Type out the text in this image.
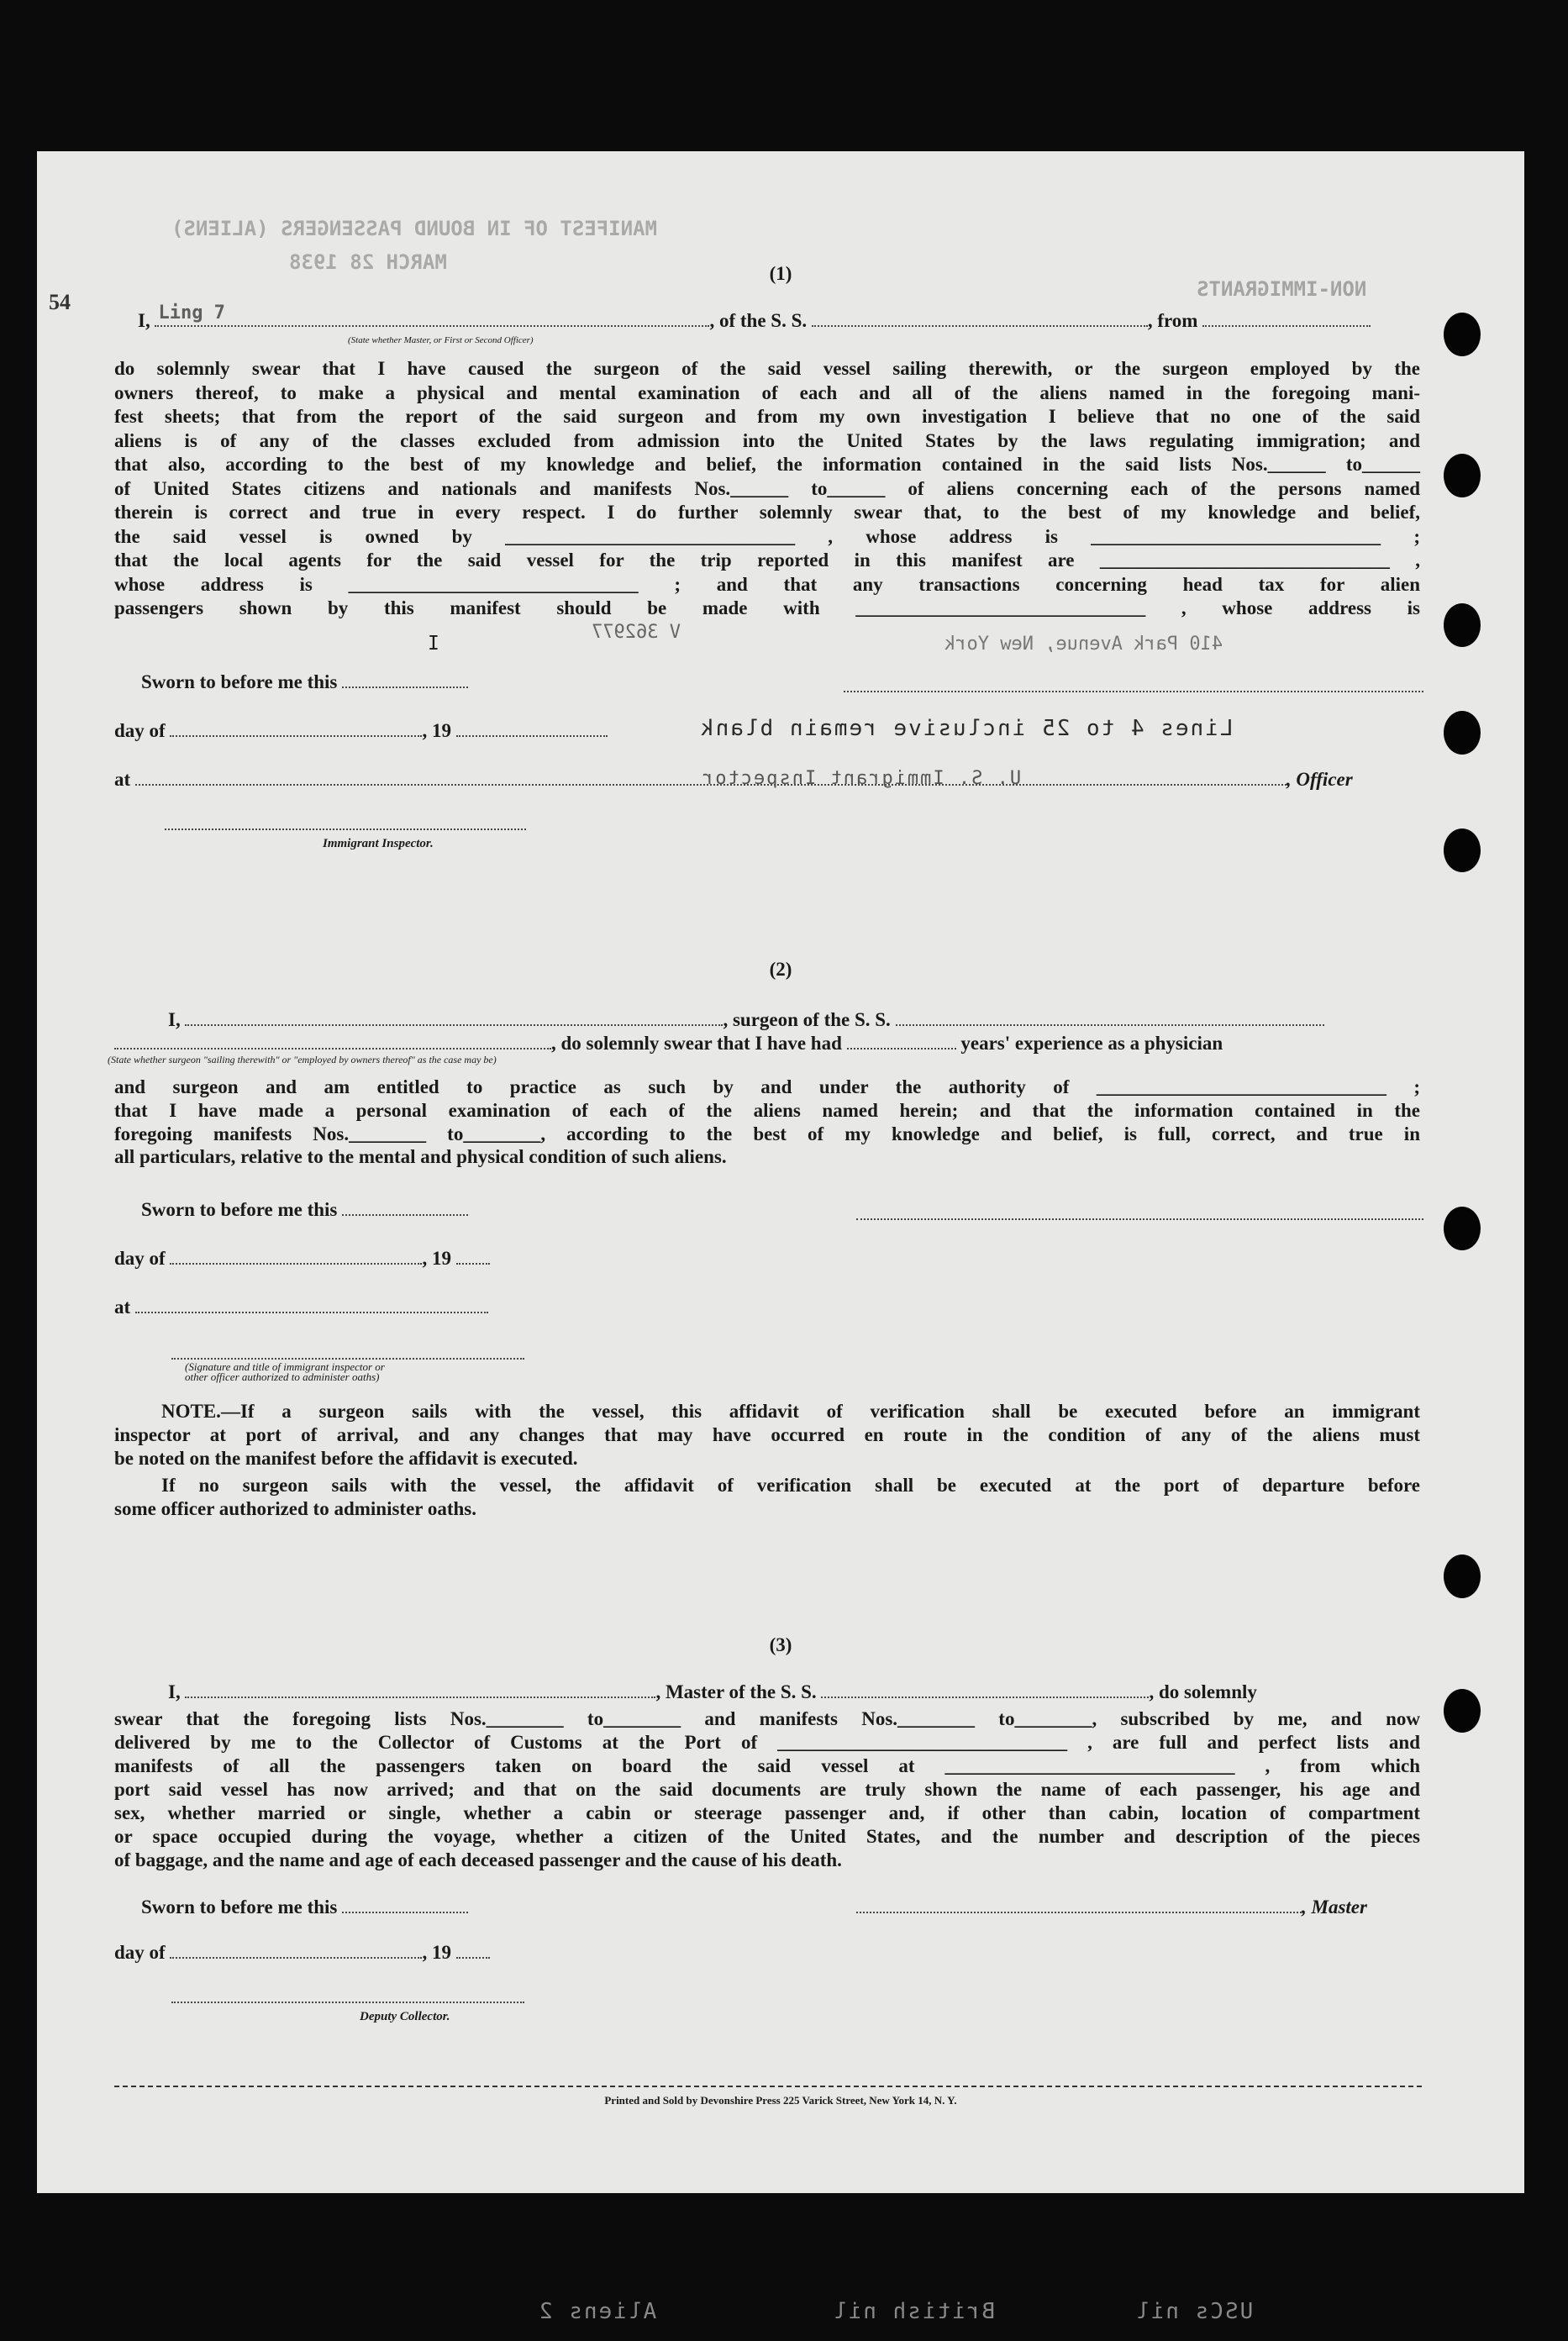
54
MANIFEST OF IN BOUND PASSENGERS (ALIENS)
MARCH 28 1938
NON-IMMIGRANTS
(1)
I, Ling 7	, of the S. S.	, from
(State whether Master, or First or Second Officer)
do solemnly swear that I have caused the surgeon of the said vessel sailing therewith, or the surgeon employed by the
owners thereof, to make a physical and mental examination of each and all of the aliens named in the foregoing mani-
fest sheets; that from the report of the said surgeon and from my own investigation I believe that no one of the said
aliens is of any of the classes excluded from admission into the United States by the laws regulating immigration; and
that also, according to the best of my knowledge and belief, the information contained in the said lists Nos.______ to______
of United States citizens and nationals and manifests Nos.______ to______ of aliens concerning each of the persons named
therein is correct and true in every respect. I do further solemnly swear that, to the best of my knowledge and belief,
the said vessel is owned by ______________________________ , whose address is ______________________________ ;
that the local agents for the said vessel for the trip reported in this manifest are ______________________________ ,
whose address is ______________________________ ; and that any transactions concerning head tax for alien
passengers shown by this manifest should be made with ______________________________ , whose address is
I
V 362977
410 Park Avenue, New York
Sworn to before me this
day of	, 19	Lines 4 to 25 inclusive remain blank
at	, Officer
U. S. Immigrant Inspector
Immigrant Inspector.
(2)
I,	, surgeon of the S. S.
, do solemnly swear that I have had	years' experience as a physician
(State whether surgeon "sailing therewith" or "employed by owners thereof" as the case may be)
and surgeon and am entitled to practice as such by and under the authority of ______________________________ ;
that I have made a personal examination of each of the aliens named herein; and that the information contained in the
foregoing manifests Nos.________ to________, according to the best of my knowledge and belief, is full, correct, and true in
all particulars, relative to the mental and physical condition of such aliens.
Sworn to before me this
day of	, 19
at
(Signature and title of immigrant inspector or
other officer authorized to administer oaths)
NOTE.—If a surgeon sails with the vessel, this affidavit of verification shall be executed before an immigrant
inspector at port of arrival, and any changes that may have occurred en route in the condition of any of the aliens must
be noted on the manifest before the affidavit is executed.
If no surgeon sails with the vessel, the affidavit of verification shall be executed at the port of departure before
some officer authorized to administer oaths.
(3)
I,	, Master of the S. S.	, do solemnly
swear that the foregoing lists Nos.________ to________ and manifests Nos.________ to________, subscribed by me, and now
delivered by me to the Collector of Customs at the Port of ______________________________ , are full and perfect lists and
manifests of all the passengers taken on board the said vessel at ______________________________ , from which
port said vessel has now arrived; and that on the said documents are truly shown the name of each passenger, his age and
sex, whether married or single, whether a cabin or steerage passenger and, if other than cabin, location of compartment
or space occupied during the voyage, whether a citizen of the United States, and the number and description of the pieces
of baggage, and the name and age of each deceased passenger and the cause of his death.
Sworn to before me this	, Master
day of	, 19
Deputy Collector.
Printed and Sold by Devonshire Press 225 Varick Street, New York 14, N. Y.
Aliens 2	British nil	USCs nil
